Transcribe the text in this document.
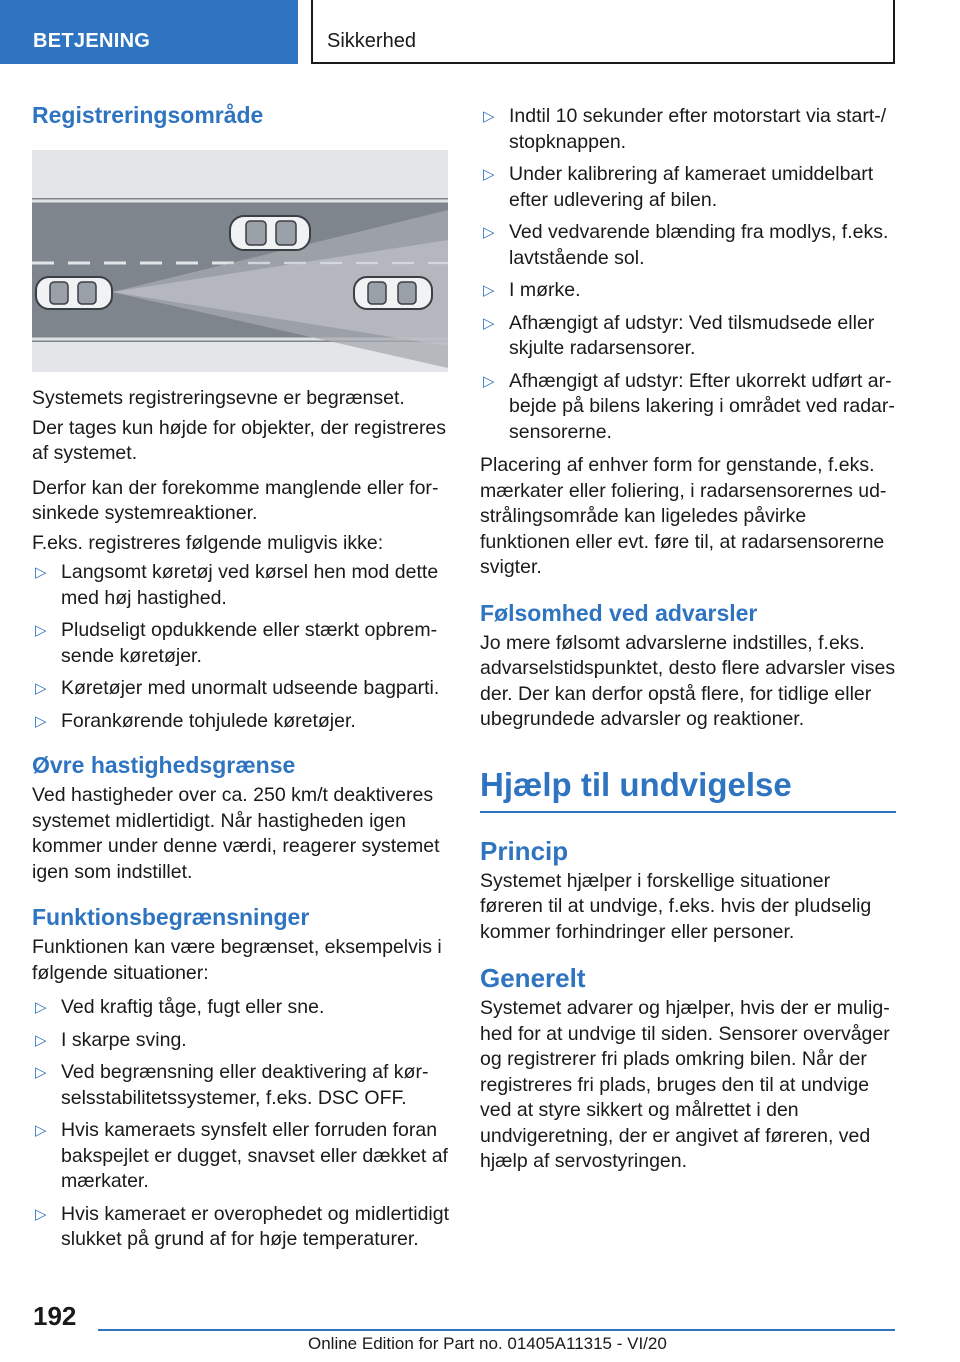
BETJENING	Sikkerhed
Registreringsområde

Systemets registreringsevne er begrænset.

Der tages kun højde for objekter, der registreres af systemet.

Derfor kan der forekomme manglende eller forsinkede systemreaktioner.

F.eks. registreres følgende muligvis ikke:

▷ Langsomt køretøj ved kørsel hen mod dette med høj hastighed.
▷ Pludseligt opdukkende eller stærkt opbremsende køretøjer.
▷ Køretøjer med unormalt udseende bagparti.
▷ Forankørende tohjulede køretøjer.
Øvre hastighedsgrænse

Ved hastigheder over ca. 250 km/t deaktiveres systemet midlertidigt. Når hastigheden igen kommer under denne værdi, reagerer systemet igen som indstillet.

Funktionsbegrænsninger

Funktionen kan være begrænset, eksempelvis i følgende situationer:

▷ Ved kraftig tåge, fugt eller sne.
▷ I skarpe sving.
▷ Ved begrænsning eller deaktivering af kørselsstabilitetssystemer, f.eks. DSC OFF.
▷ Hvis kameraets synsfelt eller forruden foran bakspejlet er dugget, snavset eller dækket af mærkater.
▷ Hvis kameraet er overophedet og midlertidigt slukket på grund af for høje temperaturer.
▷ Indtil 10 sekunder efter motorstart via start-/ stopknappen.
▷ Under kalibrering af kameraet umiddelbart efter udlevering af bilen.
▷ Ved vedvarende blænding fra modlys, f.eks. lavtstående sol.
▷ I mørke.
▷ Afhængigt af udstyr: Ved tilsmudsede eller skjulte radarsensorer.
▷ Afhængigt af udstyr: Efter ukorrekt udført arbejde på bilens lakering i området ved radarsensorerne.

Placering af enhver form for genstande, f.eks. mærkater eller foliering, i radarsensorernes udstrålingsområde kan ligeledes påvirke funktionen eller evt. føre til, at radarsensorerne svigter.

Følsomhed ved advarsler

Jo mere følsomt advarslerne indstilles, f.eks. advarselstidspunktet, desto flere advarsler vises der. Der kan derfor opstå flere, for tidlige eller ubegrundede advarsler og reaktioner.

Hjælp til undvigelse
Princip

Systemet hjælper i forskellige situationer føreren til at undvige, f.eks. hvis der pludselig kommer forhindringer eller personer.

Generelt

Systemet advarer og hjælper, hvis der er mulighed for at undvige til siden. Sensorer overvåger og registrerer fri plads omkring bilen. Når der registreres fri plads, bruges den til at undvige ved at styre sikkert og målrettet i den undvigeretning, der er angivet af føreren, ved hjælp af servostyringen.

192
Online Edition for Part no. 01405A11315 - VI/20
